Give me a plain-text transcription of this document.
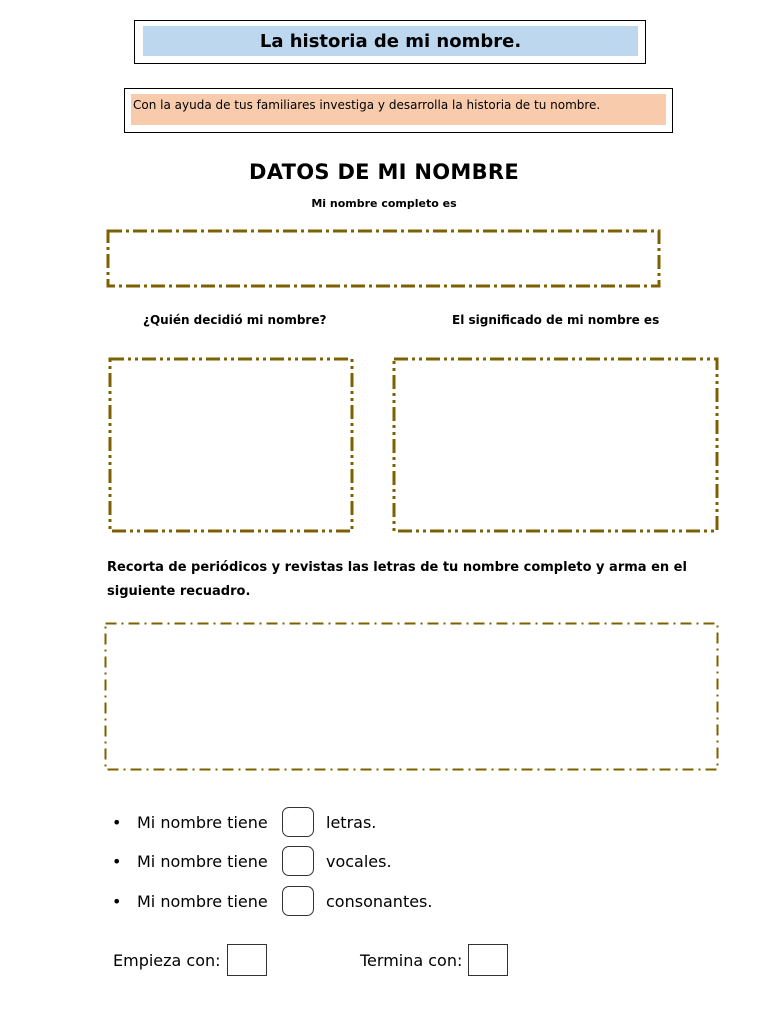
La historia de mi nombre.
Con la ayuda de tus familiares investiga y desarrolla la historia de tu nombre.
DATOS DE MI NOMBRE
Mi nombre completo es
¿Quién decidió mi nombre?	El significado de mi nombre es
Recorta de periódicos y revistas las letras de tu nombre completo y arma en el siguiente recuadro.
• Mi nombre tiene	letras.
• Mi nombre tiene	vocales.
• Mi nombre tiene	consonantes.
Empieza con:	Termina con:
